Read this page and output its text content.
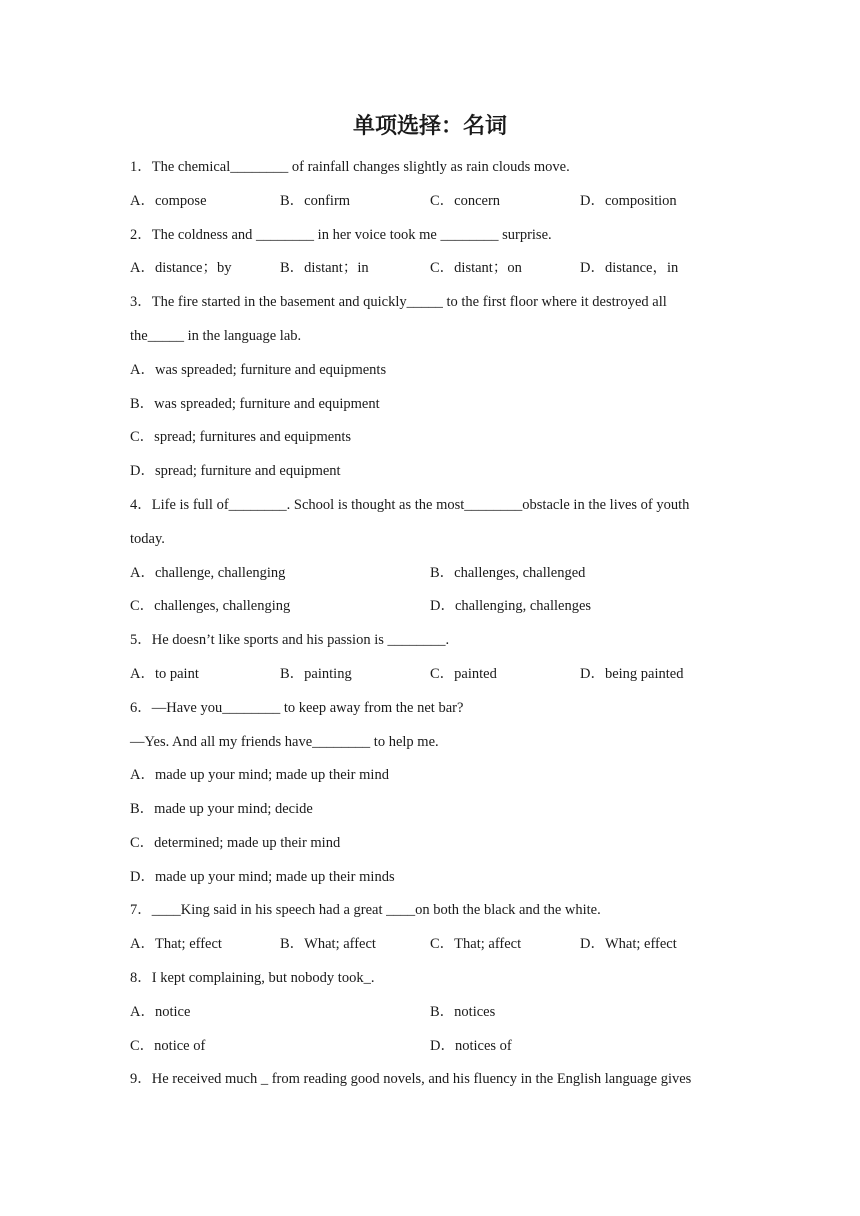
单项选择：名词
1．The chemical________ of rainfall changes slightly as rain clouds move.
A．compose	B．confirm	C．concern	D．composition
2．The coldness and ________ in her voice took me ________ surprise.
A．distance；by	B．distant；in	C．distant；on	D．distance，in
3．The fire started in the basement and quickly_____ to the first floor where it destroyed all
the_____ in the language lab.
A．was spreaded; furniture and equipments
B．was spreaded; furniture and equipment
C．spread; furnitures and equipments
D．spread; furniture and equipment
4．Life is full of________. School is thought as the most________obstacle in the lives of youth
today.
A．challenge, challenging	B．challenges, challenged
C．challenges, challenging	D．challenging, challenges
5．He doesn’t like sports and his passion is ________.
A．to paint	B．painting	C．painted	D．being painted
6．—Have you________ to keep away from the net bar?
—Yes. And all my friends have________ to help me.
A．made up your mind; made up their mind
B．made up your mind; decide
C．determined; made up their mind
D．made up your mind; made up their minds
7．____King said in his speech had a great ____on both the black and the white.
A．That; effect	B．What; affect	C．That; affect	D．What; effect
8．I kept complaining, but nobody took_.
A．notice	B．notices
C．notice of	D．notices of
9．He received much _ from reading good novels, and his fluency in the English language gives
